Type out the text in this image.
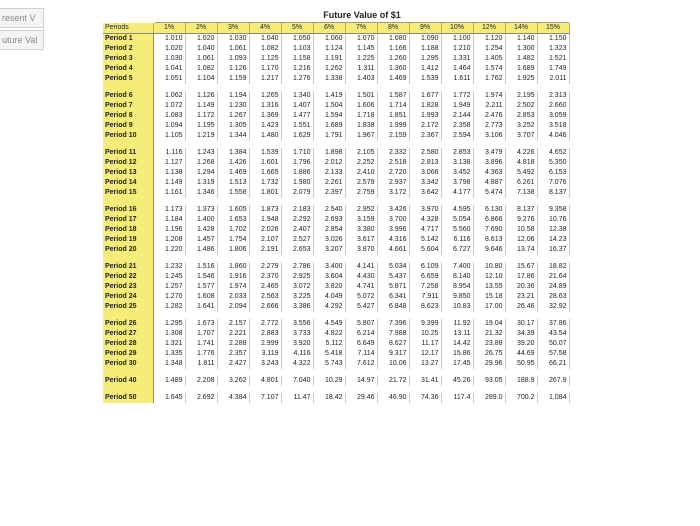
resent V
uture Val
Future Value of $1
Periods	1%	2%	3%	4%	5%	6%	7%	8%	9%	10%	12%	14%	15%
Period 1	1.010	1.020	1.030	1.040	1.050	1.060	1.070	1.080	1.090	1.100	1.120	1.140	1.150
Period 2	1.020	1.040	1.061	1.082	1.103	1.124	1.145	1.166	1.188	1.210	1.254	1.300	1.323
Period 3	1.030	1.061	1.093	1.125	1.158	1.191	1.225	1.260	1.295	1.331	1.405	1.482	1.521
Period 4	1.041	1.082	1.126	1.170	1.216	1.262	1.311	1.360	1.412	1.464	1.574	1.689	1.749
Period 5	1.051	1.104	1.159	1.217	1.276	1.338	1.403	1.469	1.539	1.611	1.762	1.925	2.011

Period 6	1.062	1.126	1.194	1.265	1.340	1.419	1.501	1.587	1.677	1.772	1.974	2.195	2.313
Period 7	1.072	1.149	1.230	1.316	1.407	1.504	1.606	1.714	1.828	1.949	2.211	2.502	2.660
Period 8	1.083	1.172	1.267	1.369	1.477	1.594	1.718	1.851	1.993	2.144	2.476	2.853	3.059
Period 9	1.094	1.195	1.305	1.423	1.551	1.689	1.838	1.999	2.172	2.358	2.773	3.252	3.518
Period 10	1.105	1.219	1.344	1.480	1.629	1.791	1.967	2.159	2.367	2.594	3.106	3.707	4.046

Period 11	1.116	1.243	1.384	1.539	1.710	1.898	2.105	2.332	2.580	2.853	3.479	4.226	4.652
Period 12	1.127	1.268	1.426	1.601	1.796	2.012	2.252	2.518	2.813	3.138	3.896	4.818	5.350
Period 13	1.138	1.294	1.469	1.665	1.886	2.133	2.410	2.720	3.066	3.452	4.363	5.492	6.153
Period 14	1.149	1.319	1.513	1.732	1.980	2.261	2.579	2.937	3.342	3.798	4.887	6.261	7.076
Period 15	1.161	1.346	1.558	1.801	2.079	2.397	2.759	3.172	3.642	4.177	5.474	7.138	8.137

Period 16	1.173	1.373	1.605	1.873	2.183	2.540	2.952	3.426	3.970	4.595	6.130	8.137	9.358
Period 17	1.184	1.400	1.653	1.948	2.292	2.693	3.159	3.700	4.328	5.054	6.866	9.276	10.76
Period 18	1.196	1.428	1.702	2.026	2.407	2.854	3.380	3.996	4.717	5.560	7.690	10.58	12.38
Period 19	1.208	1.457	1.754	2.107	2.527	3.026	3.617	4.316	5.142	6.116	8.613	12.06	14.23
Period 20	1.220	1.486	1.806	2.191	2.653	3.207	3.870	4.661	5.604	6.727	9.646	13.74	16.37

Period 21	1.232	1.516	1.860	2.279	2.786	3.400	4.141	5.034	6.109	7.400	10.80	15.67	18.82
Period 22	1.245	1.546	1.916	2.370	2.925	3.604	4.430	5.437	6.659	8.140	12.10	17.86	21.64
Period 23	1.257	1.577	1.974	2.465	3.072	3.820	4.741	5.871	7.258	8.954	13.55	20.36	24.89
Period 24	1.270	1.608	2.033	2.563	3.225	4.049	5.072	6.341	7.911	9.850	15.18	23.21	28.63
Period 25	1.282	1.641	2.094	2.666	3.386	4.292	5.427	6.848	8.623	10.83	17.00	26.46	32.92

Period 26	1.295	1.673	2.157	2.772	3.556	4.549	5.807	7.396	9.399	11.92	19.04	30.17	37.86
Period 27	1.308	1.707	2.221	2.883	3.733	4.822	6.214	7.988	10.25	13.11	21.32	34.39	43.54
Period 28	1.321	1.741	2.288	2.999	3.920	5.112	6.649	8.627	11.17	14.42	23.88	39.20	50.07
Period 29	1.335	1.776	2.357	3.119	4.116	5.418	7.114	9.317	12.17	15.86	26.75	44.69	57.58
Period 30	1.348	1.811	2.427	3.243	4.322	5.743	7.612	10.06	13.27	17.45	29.96	50.95	66.21

Period 40	1.489	2.208	3.262	4.801	7.040	10.29	14.97	21.72	31.41	45.26	93.05	188.9	267.9

Period 50	1.645	2.692	4.384	7.107	11.47	18.42	29.46	46.90	74.36	117.4	289.0	700.2	1,084
